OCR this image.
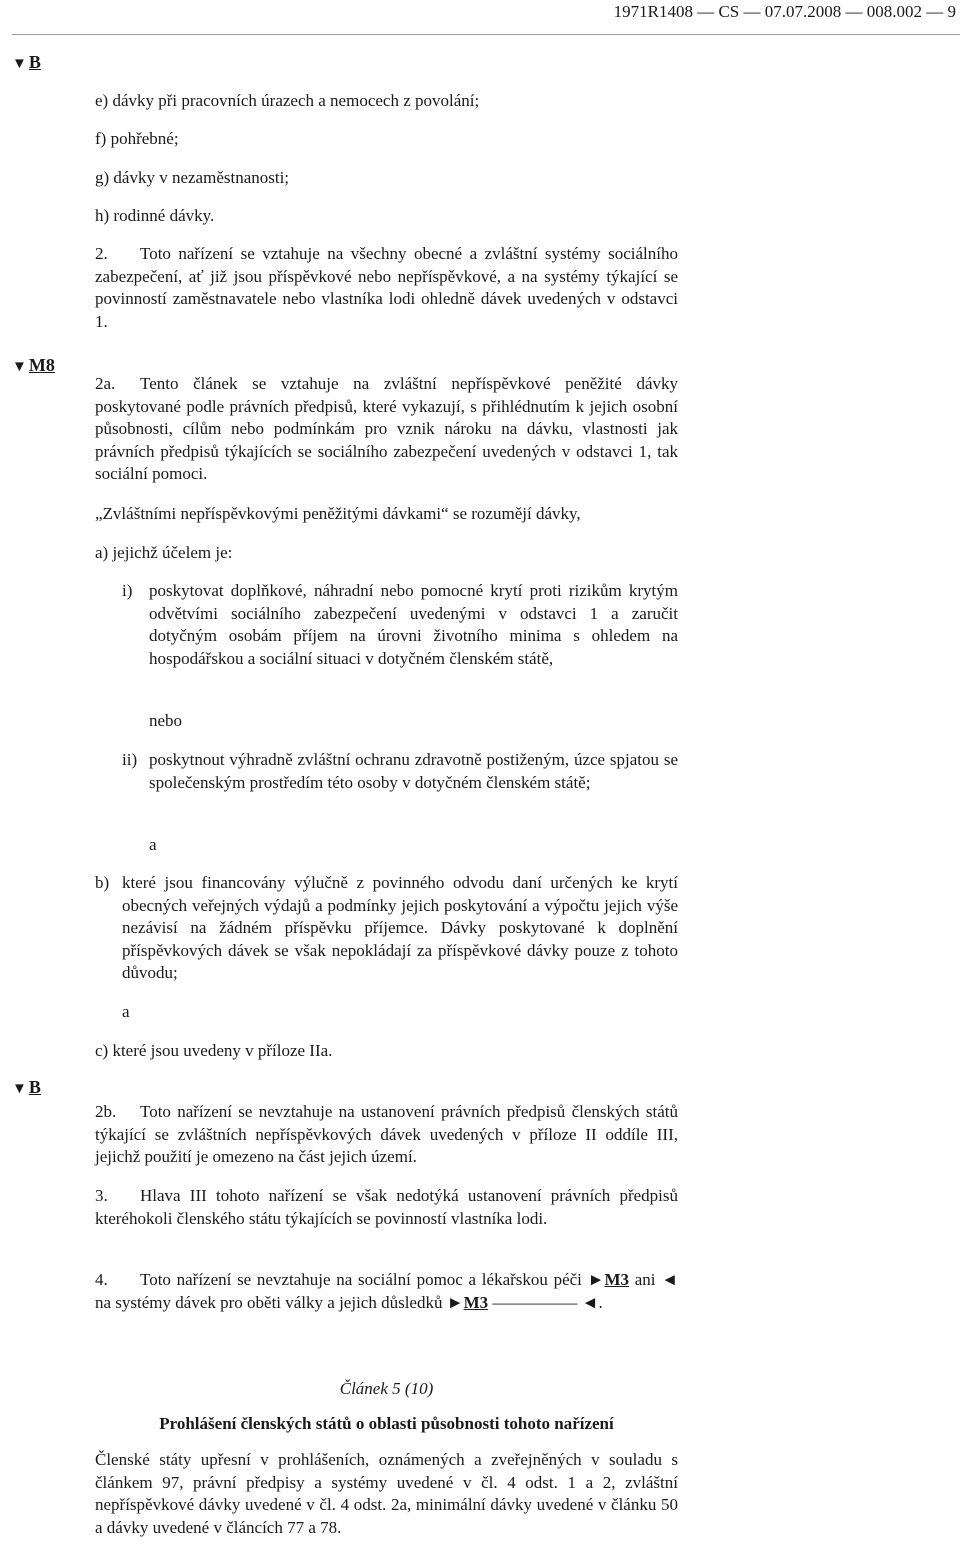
1971R1408 — CS — 07.07.2008 — 008.002 — 9
▼ B
e) dávky při pracovních úrazech a nemocech z povolání;
f) pohřebné;
g) dávky v nezaměstnanosti;
h) rodinné dávky.
2. Toto nařízení se vztahuje na všechny obecné a zvláštní systémy sociálního zabezpečení, ať již jsou příspěvkové nebo nepříspěvkové, a na systémy týkající se povinností zaměstnavatele nebo vlastníka lodi ohledně dávek uvedených v odstavci 1.
▼ M8
2a. Tento článek se vztahuje na zvláštní nepříspěvkové peněžité dávky poskytované podle právních předpisů, které vykazují, s přihlédnutím k jejich osobní působnosti, cílům nebo podmínkám pro vznik nároku na dávku, vlastnosti jak právních předpisů týkajících se sociálního zabezpečení uvedených v odstavci 1, tak sociální pomoci.
„Zvláštními nepříspěvkovými peněžitými dávkami“ se rozumějí dávky,
a) jejichž účelem je:
i) poskytovat doplňkové, náhradní nebo pomocné krytí proti rizikům krytým odvětvími sociálního zabezpečení uvedenými v odstavci 1 a zaručit dotyčným osobám příjem na úrovni životního minima s ohledem na hospodářskou a sociální situaci v dotyčném členském státě,
nebo
ii) poskytnout výhradně zvláštní ochranu zdravotně postiženým, úzce spjatou se společenským prostředím této osoby v dotyčném členském státě;
a
b) které jsou financovány výlučně z povinného odvodu daní určených ke krytí obecných veřejných výdajů a podmínky jejich poskytování a výpočtu jejich výše nezávisí na žádném příspěvku příjemce. Dávky poskytované k doplnění příspěvkových dávek se však nepokládají za příspěvkové dávky pouze z tohoto důvodu;
a
c) které jsou uvedeny v příloze IIa.
▼ B
2b. Toto nařízení se nevztahuje na ustanovení právních předpisů členských států týkající se zvláštních nepříspěvkových dávek uvedených v příloze II oddíle III, jejichž použití je omezeno na část jejich území.
3. Hlava III tohoto nařízení se však nedotýká ustanovení právních předpisů kteréhokoli členského státu týkajících se povinností vlastníka lodi.
4. Toto nařízení se nevztahuje na sociální pomoc a lékařskou péči ►M3 ani ◄ na systémy dávek pro oběti války a jejich důsledků ►M3 ————— ◄.
Článek 5 (10)
Prohlášení členských států o oblasti působnosti tohoto nařízení
Členské státy upřesní v prohlášeních, oznámených a zveřejněných v souladu s článkem 97, právní předpisy a systémy uvedené v čl. 4 odst. 1 a 2, zvláštní nepříspěvkové dávky uvedené v čl. 4 odst. 2a, minimální dávky uvedené v článku 50 a dávky uvedené v článcích 77 a 78.
